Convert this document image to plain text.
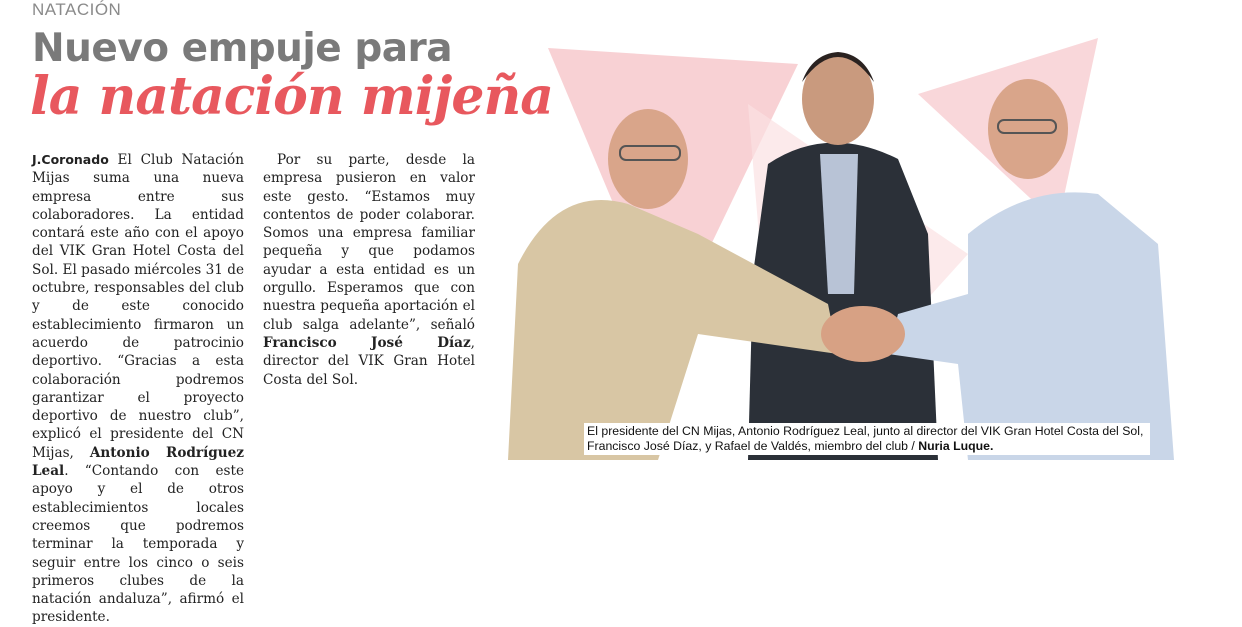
NATACIÓN
Nuevo empuje para
la natación mijeña

J.Coronado El Club Natación Mijas suma una nueva empresa entre sus colaboradores. La entidad contará este año con el apoyo del VIK Gran Hotel Costa del Sol. El pasado miércoles 31 de octubre, responsables del club y de este conocido establecimiento firmaron un acuerdo de patrocinio deportivo. “Gracias a esta colaboración podremos garantizar el proyecto deportivo de nuestro club”, explicó el presidente del CN Mijas, Antonio Rodríguez Leal. “Contando con este apoyo y el de otros establecimientos locales creemos que podremos terminar la temporada y seguir entre los cinco o seis primeros clubes de la natación andaluza”, afirmó el presidente.

Por su parte, desde la empresa pusieron en valor este gesto. “Estamos muy contentos de poder colaborar. Somos una empresa familiar pequeña y que podamos ayudar a esta entidad es un orgullo. Esperamos que con nuestra pequeña aportación el club salga adelante”, señaló Francisco José Díaz, director del VIK Gran Hotel Costa del Sol.

El presidente del CN Mijas, Antonio Rodríguez Leal, junto al director del VIK Gran Hotel Costa del Sol, Francisco José Díaz, y Rafael de Valdés, miembro del club / Nuria Luque.
